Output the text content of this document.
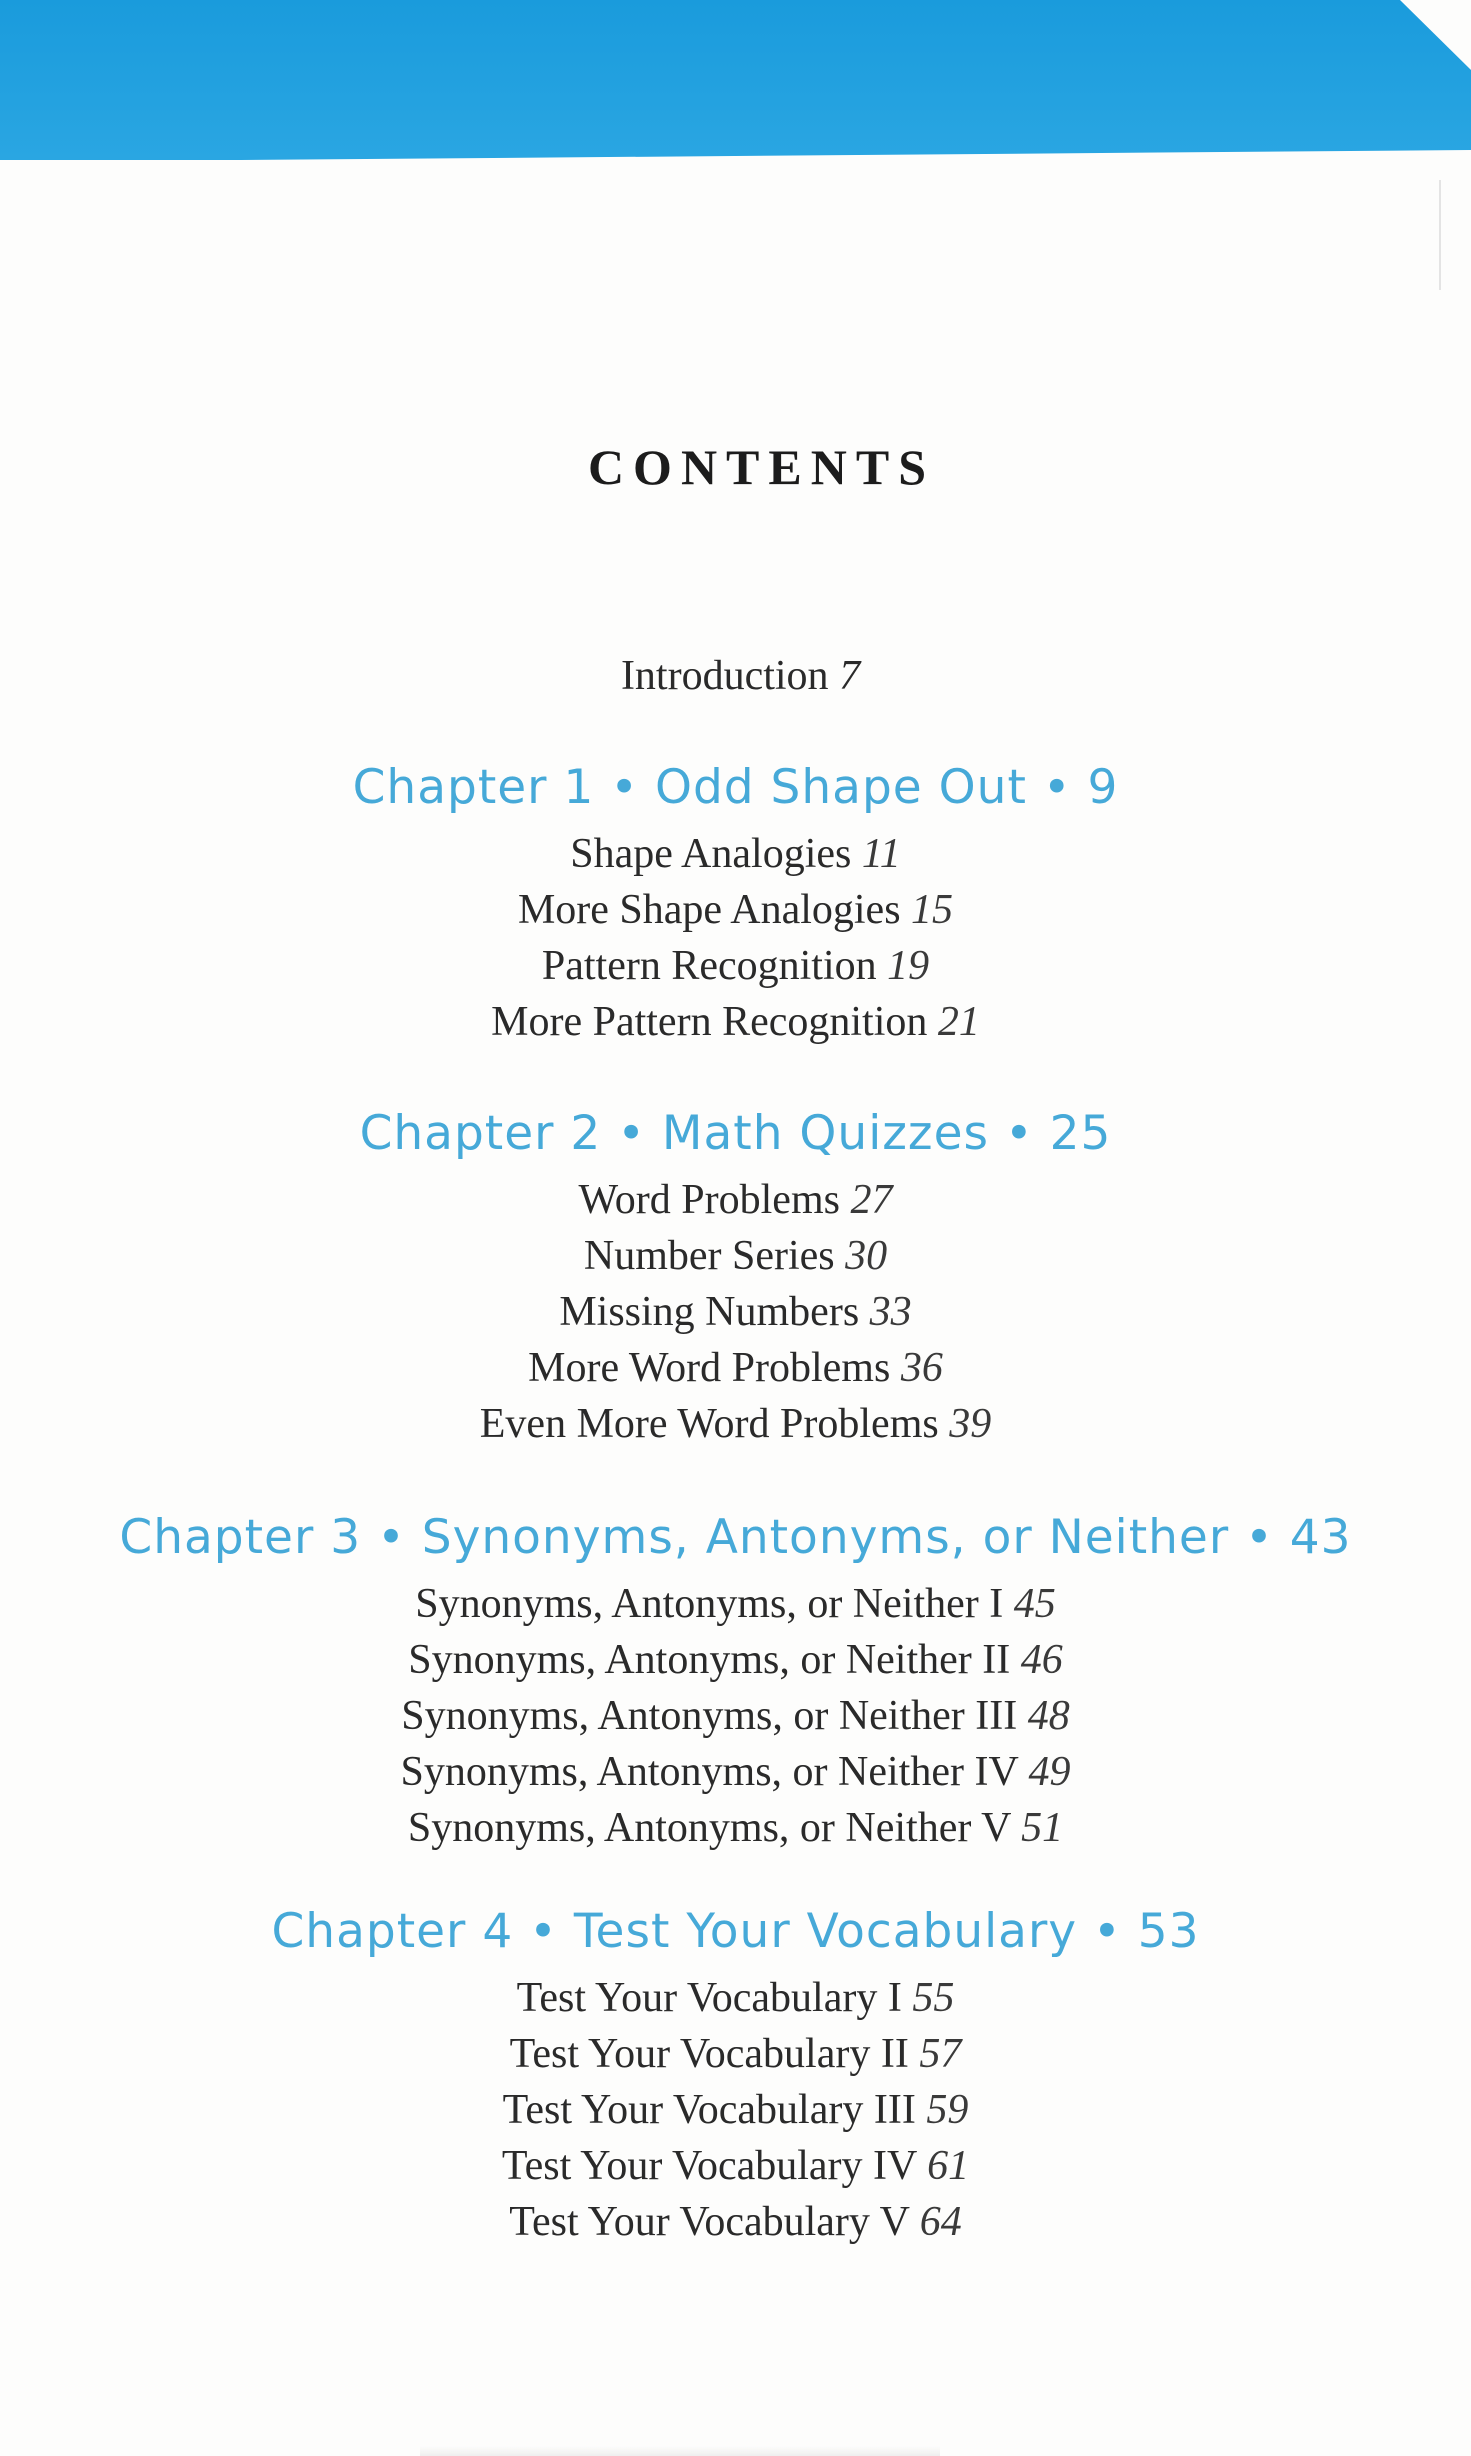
CONTENTS
Introduction 7
Chapter 1 • Odd Shape Out • 9
Shape Analogies 11
More Shape Analogies 15
Pattern Recognition 19
More Pattern Recognition 21
Chapter 2 • Math Quizzes • 25
Word Problems 27
Number Series 30
Missing Numbers 33
More Word Problems 36
Even More Word Problems 39
Chapter 3 • Synonyms, Antonyms, or Neither • 43
Synonyms, Antonyms, or Neither I 45
Synonyms, Antonyms, or Neither II 46
Synonyms, Antonyms, or Neither III 48
Synonyms, Antonyms, or Neither IV 49
Synonyms, Antonyms, or Neither V 51
Chapter 4 • Test Your Vocabulary • 53
Test Your Vocabulary I 55
Test Your Vocabulary II 57
Test Your Vocabulary III 59
Test Your Vocabulary IV 61
Test Your Vocabulary V 64
